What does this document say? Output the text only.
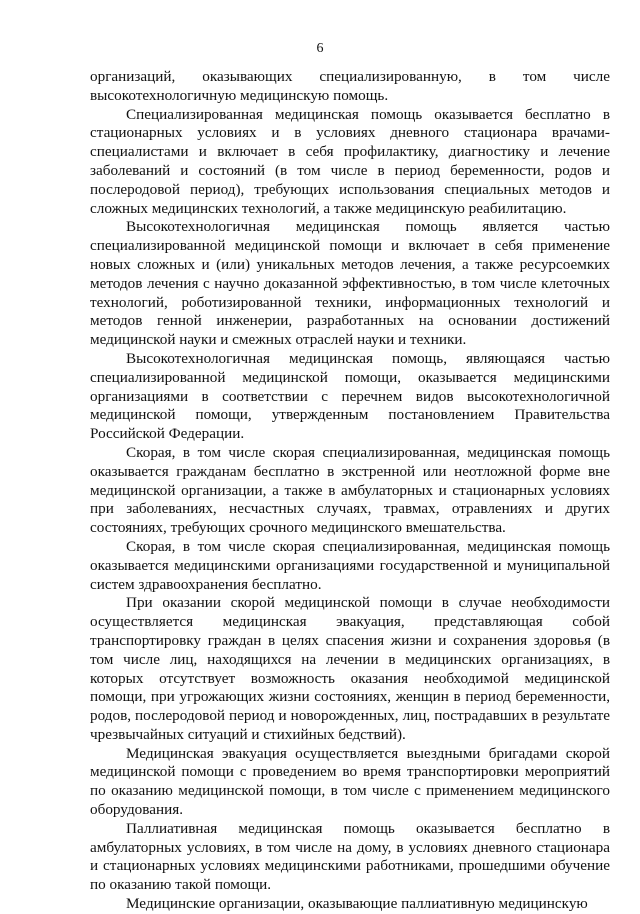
6

организаций, оказывающих специализированную, в том числе высокотехнологичную медицинскую помощь.

Специализированная медицинская помощь оказывается бесплатно в стационарных условиях и в условиях дневного стационара врачами-специалистами и включает в себя профилактику, диагностику и лечение заболеваний и состояний (в том числе в период беременности, родов и послеродовой период), требующих использования специальных методов и сложных медицинских технологий, а также медицинскую реабилитацию.

Высокотехнологичная медицинская помощь является частью специализированной медицинской помощи и включает в себя применение новых сложных и (или) уникальных методов лечения, а также ресурсоемких методов лечения с научно доказанной эффективностью, в том числе клеточных технологий, роботизированной техники, информационных технологий и методов генной инженерии, разработанных на основании достижений медицинской науки и смежных отраслей науки и техники.

Высокотехнологичная медицинская помощь, являющаяся частью специализированной медицинской помощи, оказывается медицинскими организациями в соответствии с перечнем видов высокотехнологичной медицинской помощи, утвержденным постановлением Правительства Российской Федерации.

Скорая, в том числе скорая специализированная, медицинская помощь оказывается гражданам бесплатно в экстренной или неотложной форме вне медицинской организации, а также в амбулаторных и стационарных условиях при заболеваниях, несчастных случаях, травмах, отравлениях и других состояниях, требующих срочного медицинского вмешательства.

Скорая, в том числе скорая специализированная, медицинская помощь оказывается медицинскими организациями государственной и муниципальной систем здравоохранения бесплатно.

При оказании скорой медицинской помощи в случае необходимости осуществляется медицинская эвакуация, представляющая собой транспортировку граждан в целях спасения жизни и сохранения здоровья (в том числе лиц, находящихся на лечении в медицинских организациях, в которых отсутствует возможность оказания необходимой медицинской помощи, при угрожающих жизни состояниях, женщин в период беременности, родов, послеродовой период и новорожденных, лиц, пострадавших в результате чрезвычайных ситуаций и стихийных бедствий).

Медицинская эвакуация осуществляется выездными бригадами скорой медицинской помощи с проведением во время транспортировки мероприятий по оказанию медицинской помощи, в том числе с применением медицинского оборудования.

Паллиативная медицинская помощь оказывается бесплатно в амбулаторных условиях, в том числе на дому, в условиях дневного стационара и стационарных условиях медицинскими работниками, прошедшими обучение по оказанию такой помощи.

Медицинские организации, оказывающие паллиативную медицинскую
